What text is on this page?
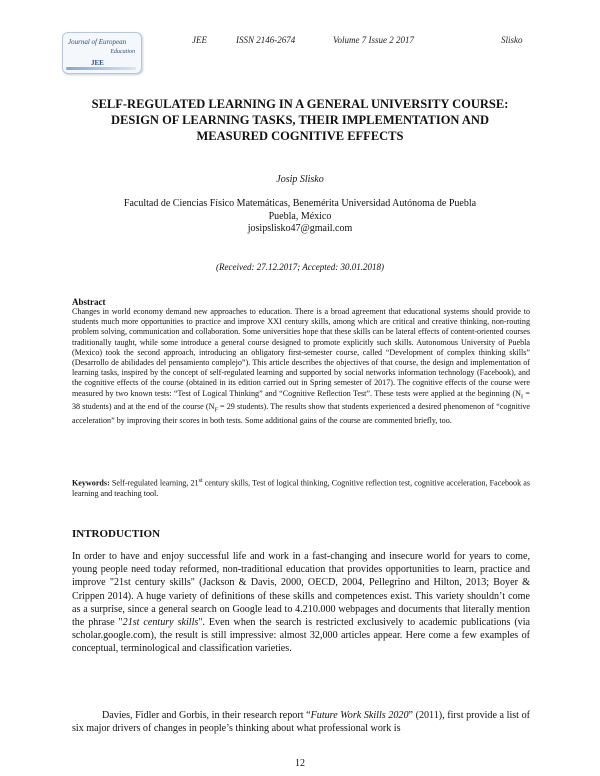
Journal of European
Education
JEE
JEE	ISSN 2146-2674	Volume 7 Issue 2 2017	Slisko
SELF-REGULATED LEARNING IN A GENERAL UNIVERSITY COURSE:
DESIGN OF LEARNING TASKS, THEIR IMPLEMENTATION AND
MEASURED COGNITIVE EFFECTS
Josip Slisko
Facultad de Ciencias Físico Matemáticas, Benemérita Universidad Autónoma de Puebla
Puebla, México
josipslisko47@gmail.com
(Received: 27.12.2017; Accepted: 30.01.2018)
Abstract
Changes in world economy demand new approaches to education. There is a broad agreement that educational systems should provide to students much more opportunities to practice and improve XXI century skills, among which are critical and creative thinking, non-routing problem solving, communication and collaboration. Some universities hope that these skills can be lateral effects of content-oriented courses traditionally taught, while some introduce a general course designed to promote explicitly such skills. Autonomous University of Puebla (Mexico) took the second approach, introducing an obligatory first-semester course, called “Development of complex thinking skills” (Desarrollo de abilidades del pensamiento complejo”). This article describes the objectives of that course, the design and implementation of learning tasks, inspired by the concept of self-regulated learning and supported by social networks information technology (Facebook), and the cognitive effects of the course (obtained in its edition carried out in Spring semester of 2017). The cognitive effects of the course were measured by two known tests: “Test of Logical Thinking” and “Cognitive Reflection Test”. These tests were applied at the beginning ($N_I = 38$ students) and at the end of the course ($N_F = 29$ students). The results show that students experienced a desired phenomenon of “cognitive acceleration” by improving their scores in both tests. Some additional gains of the course are commented briefly, too.
Keywords: Self-regulated learning, 21st century skills, Test of logical thinking, Cognitive reflection test, cognitive acceleration, Facebook as learning and teaching tool.
INTRODUCTION
In order to have and enjoy successful life and work in a fast-changing and insecure world for years to come, young people need today reformed, non-traditional education that provides opportunities to learn, practice and improve "21st century skills" (Jackson & Davis, 2000, OECD, 2004, Pellegrino and Hilton, 2013; Boyer & Crippen 2014). A huge variety of definitions of these skills and competences exist. This variety shouldn’t come as a surprise, since a general search on Google lead to 4.210.000 webpages and documents that literally mention the phrase "21st century skills". Even when the search is restricted exclusively to academic publications (via scholar.google.com), the result is still impressive: almost 32,000 articles appear. Here come a few examples of conceptual, terminological and classification varieties.
Davies, Fidler and Gorbis, in their research report “Future Work Skills 2020” (2011), first provide a list of six major drivers of changes in people’s thinking about what professional work is
12
